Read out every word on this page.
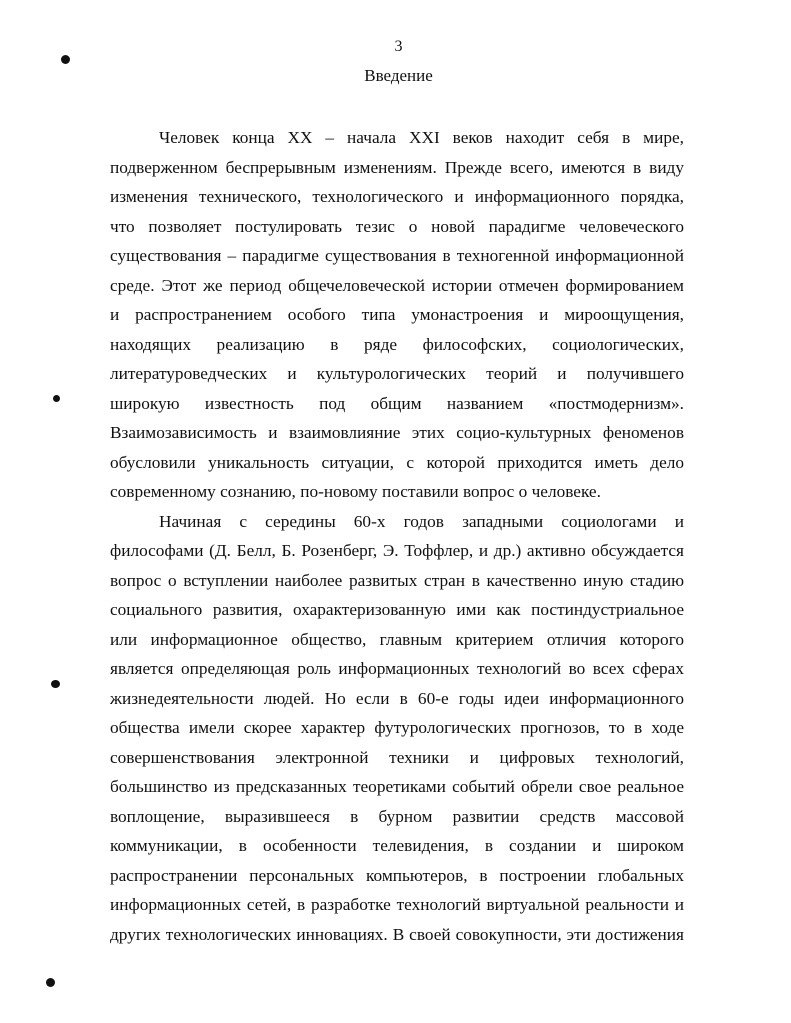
3
Введение
Человек конца XX – начала XXI веков находит себя в мире,
подверженном беспрерывным изменениям. Прежде всего, имеются в виду
изменения технического, технологического и информационного порядка,
что позволяет постулировать тезис о новой парадигме человеческого
существования – парадигме существования в техногенной информационной
среде. Этот же период общечеловеческой истории отмечен формированием
и распространением особого типа умонастроения и мироощущения,
находящих реализацию в ряде философских, социологических,
литературоведческих и культурологических теорий и получившего
широкую известность под общим названием «постмодернизм».
Взаимозависимость и взаимовлияние этих социо-культурных феноменов
обусловили уникальность ситуации, с которой приходится иметь дело
современному сознанию, по-новому поставили вопрос о человеке.
Начиная с середины 60-х годов западными социологами и
философами (Д. Белл, Б. Розенберг, Э. Тоффлер, и др.) активно обсуждается
вопрос о вступлении наиболее развитых стран в качественно иную стадию
социального развития, охарактеризованную ими как постиндустриальное
или информационное общество, главным критерием отличия которого
является определяющая роль информационных технологий во всех сферах
жизнедеятельности людей. Но если в 60-е годы идеи информационного
общества имели скорее характер футурологических прогнозов, то в ходе
совершенствования электронной техники и цифровых технологий,
большинство из предсказанных теоретиками событий обрели свое реальное
воплощение, выразившееся в бурном развитии средств массовой
коммуникации, в особенности телевидения, в создании и широком
распространении персональных компьютеров, в построении глобальных
информационных сетей, в разработке технологий виртуальной реальности и
других технологических инновациях. В своей совокупности, эти достижения
